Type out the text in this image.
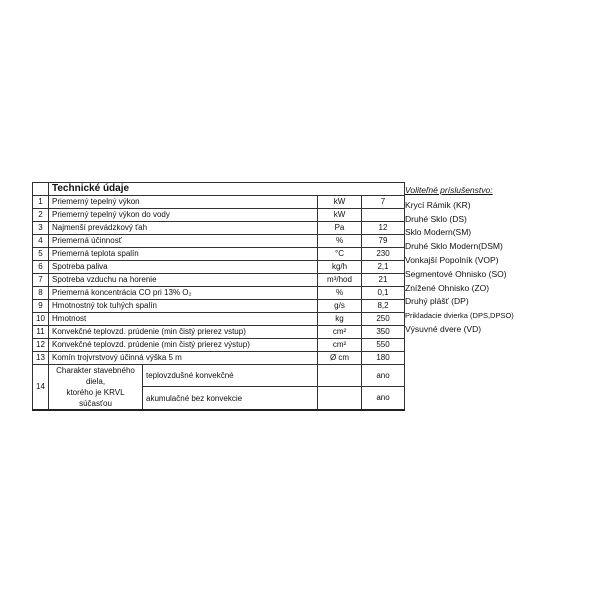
	Technické údaje			
1	Priemerný tepelný výkon		kW	7
2	Priemerný tepelný výkon do vody		kW	
3	Najmenší prevádzkový ťah		Pa	12
4	Priemerná účinnosť		%	79
5	Priemerná teplota spalín		°C	230
6	Spotreba paliva		kg/h	2,1
7	Spotreba vzduchu na horenie		m³/hod	21
8	Priemerná koncentrácia CO pri 13% O₂		%	0,1
9	Hmotnostný tok tuhých spalín		g/s	8,2
10	Hmotnost		kg	250
11	Konvekčné teplovzd. prúdenie (min čistý prierez vstup)		cm²	350
12	Konvekčné teplovzd. prúdenie (min čistý prierez výstup)		cm²	550
13	Komín trojvrstvový účinná výška 5 m		Ø cm	180
14	Charakter stavebného diela,
ktorého je KRVL súčasťou	teplovzdušné konvekčné		ano
		akumulačné bez konvekcie		ano
Voliteľné príslušenstvo:
Krycí Rámik (KR)
Druhé Sklo (DS)
Sklo Modern(SM)
Druhé Sklo Modern(DSM)
Vonkajší Popolník (VOP)
Segmentové Ohnisko (SO)
Znížené Ohnisko (ZO)
Druhý plášť (DP)
Prikladacie dvierka (DPS,DPSO)
Výsuvné dvere (VD)
